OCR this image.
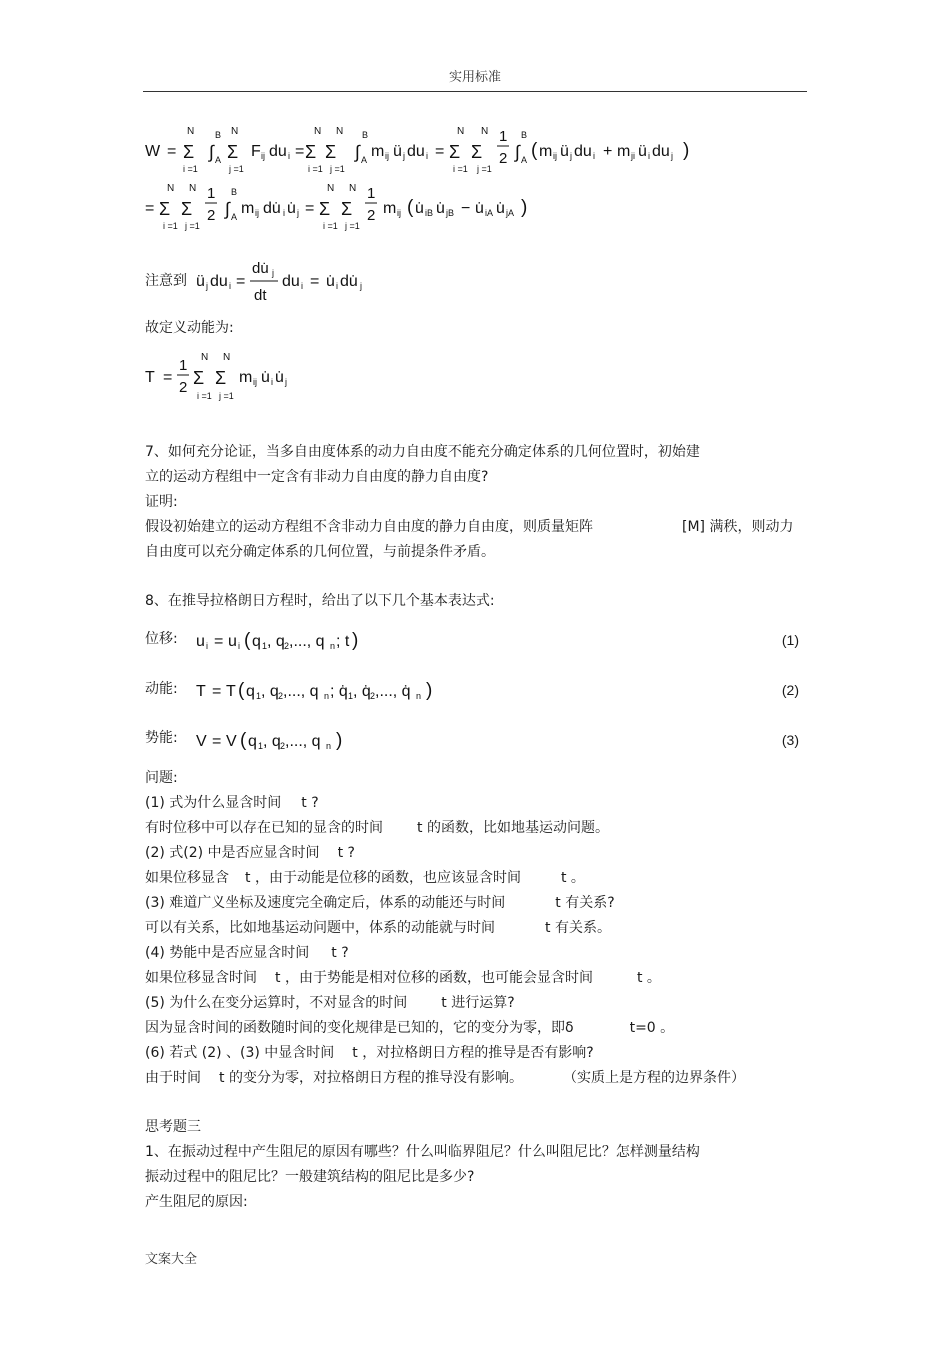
实用标准
W =
N
Σ
i =1
B
∫ A
N
Σ
j =1
F ij du i =
N
Σ
i =1
N
Σ
j =1
B
∫ A m ij ü j du i =
N
Σ
i =1
N
Σ
j =1
1
2
B
∫ A ( m ij ü j du i + m ji ü i du j )
=
N
Σ
i =1
N
Σ
j =1
1
2
B
∫ A m ij du̇ i u̇ j =
N
Σ
i =1
N
Σ
j =1
1
2 m ij ( u̇ iB u̇ jB − u̇ iA u̇ jA )
注意到 ü j du i =
du̇ j
dt
du i = u̇ i du̇ j
故定义动能为:
T =
1
2
N
Σ
i =1
N
Σ
j =1
m ij u̇ i u̇ j
7、如何充分论证，当多自由度体系的动力自由度不能充分确定体系的几何位置时，初始建
立的运动方程组中一定含有非动力自由度的静力自由度?
证明:
假设初始建立的运动方程组不含非动力自由度的静力自由度，则质量矩阵	[M] 满秩，则动力
自由度可以充分确定体系的几何位置，与前提条件矛盾。
8、在推导拉格朗日方程时，给出了以下几个基本表达式:
位移: u i = u i ( q 1 , q 2 ,..., q n ; t )	(1)
动能: T = T ( q 1 , q 2 ,..., q n ; q̇ 1 , q̇ 2 ,..., q̇ n )	(2)
势能: V = V ( q 1 , q 2 ,..., q n )	(3)
问题:
(1) 式为什么显含时间 t ?
有时位移中可以存在已知的显含的时间 t 的函数，比如地基运动问题。
(2) 式(2) 中是否应显含时间 t ?
如果位移显含 t ，由于动能是位移的函数，也应该显含时间	t 。
(3) 难道广义坐标及速度完全确定后，体系的动能还与时间	t 有关系?
可以有关系，比如地基运动问题中，体系的动能就与时间	t 有关系。
(4) 势能中是否应显含时间 t ?
如果位移显含时间 t ，由于势能是相对位移的函数，也可能会显含时间	t 。
(5) 为什么在变分运算时，不对显含的时间 t 进行运算?
因为显含时间的函数随时间的变化规律是已知的，它的变分为零，即δ	t=0 。
(6) 若式 (2) 、(3) 中显含时间 t ，对拉格朗日方程的推导是否有影响?
由于时间 t 的变分为零，对拉格朗日方程的推导没有影响。	（实质上是方程的边界条件）
思考题三
1、在振动过程中产生阻尼的原因有哪些？什么叫临界阻尼？什么叫阻尼比？怎样测量结构
振动过程中的阻尼比？一般建筑结构的阻尼比是多少?
产生阻尼的原因:
文案大全
